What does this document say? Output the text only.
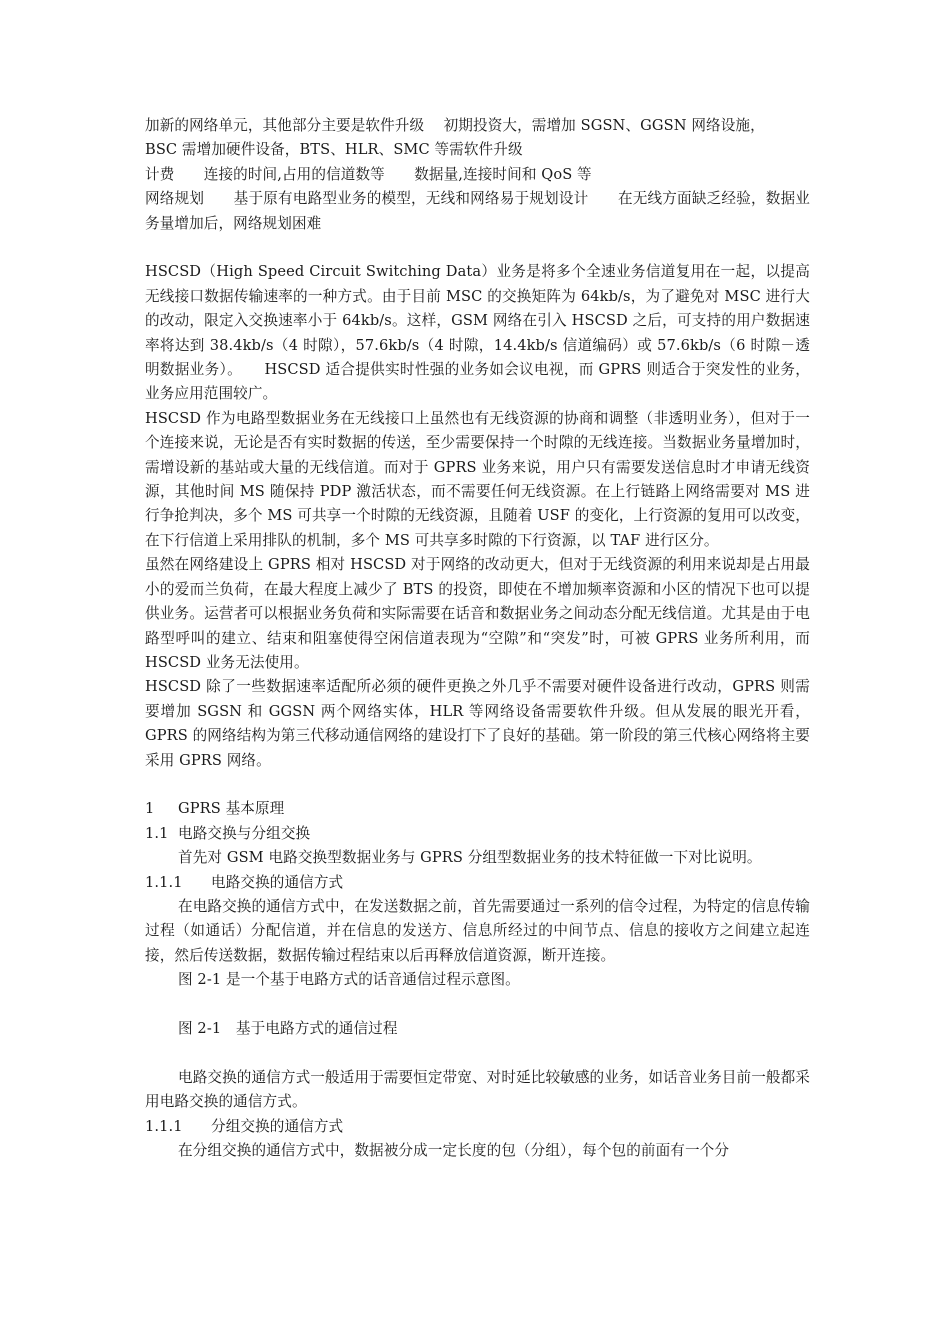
加新的网络单元，其他部分主要是软件升级　 初期投资大，需增加 SGSN、GGSN 网络设施，

BSC 需增加硬件设备，BTS、HLR、SMC 等需软件升级

计费　　连接的时间,占用的信道数等　　数据量,连接时间和 QoS 等

网络规划　　基于原有电路型业务的模型，无线和网络易于规划设计　　在无线方面缺乏经验，数据业务量增加后，网络规划困难

HSCSD（High Speed Circuit Switching Data）业务是将多个全速业务信道复用在一起，以提高无线接口数据传输速率的一种方式。由于目前 MSC 的交换矩阵为 64kb/s，为了避免对 MSC 进行大的改动，限定入交换速率小于 64kb/s。这样，GSM 网络在引入 HSCSD 之后，可支持的用户数据速率将达到 38.4kb/s（4 时隙），57.6kb/s（4 时隙，14.4kb/s 信道编码）或 57.6kb/s（6 时隙－透明数据业务）。　　HSCSD 适合提供实时性强的业务如会议电视，而 GPRS 则适合于突发性的业务，业务应用范围较广。

HSCSD 作为电路型数据业务在无线接口上虽然也有无线资源的协商和调整（非透明业务），但对于一个连接来说，无论是否有实时数据的传送，至少需要保持一个时隙的无线连接。当数据业务量增加时，需增设新的基站或大量的无线信道。而对于 GPRS 业务来说，用户只有需要发送信息时才申请无线资源，其他时间 MS 随保持 PDP 激活状态，而不需要任何无线资源。在上行链路上网络需要对 MS 进行争抢判决，多个 MS 可共享一个时隙的无线资源，且随着 USF 的变化，上行资源的复用可以改变，在下行信道上采用排队的机制，多个 MS 可共享多时隙的下行资源，以 TAF 进行区分。

虽然在网络建设上 GPRS 相对 HSCSD 对于网络的改动更大，但对于无线资源的利用来说却是占用最小的爱而兰负荷，在最大程度上减少了 BTS 的投资，即使在不增加频率资源和小区的情况下也可以提供业务。运营者可以根据业务负荷和实际需要在话音和数据业务之间动态分配无线信道。尤其是由于电路型呼叫的建立、结束和阻塞使得空闲信道表现为“空隙”和“突发”时，可被 GPRS 业务所利用，而 HSCSD 业务无法使用。

HSCSD 除了一些数据速率适配所必须的硬件更换之外几乎不需要对硬件设备进行改动，GPRS 则需要增加 SGSN 和 GGSN 两个网络实体，HLR 等网络设备需要软件升级。但从发展的眼光开看，GPRS 的网络结构为第三代移动通信网络的建设打下了良好的基础。第一阶段的第三代核心网络将主要采用 GPRS 网络。

1	GPRS 基本原理
1.1 电路交换与分组交换

首先对 GSM 电路交换型数据业务与 GPRS 分组型数据业务的技术特征做一下对比说明。

1.1.1	电路交换的通信方式

在电路交换的通信方式中，在发送数据之前，首先需要通过一系列的信令过程，为特定的信息传输过程（如通话）分配信道，并在信息的发送方、信息所经过的中间节点、信息的接收方之间建立起连接，然后传送数据，数据传输过程结束以后再释放信道资源，断开连接。

图 2-1 是一个基于电路方式的话音通信过程示意图。

图 2-1　基于电路方式的通信过程

电路交换的通信方式一般适用于需要恒定带宽、对时延比较敏感的业务，如话音业务目前一般都采用电路交换的通信方式。

1.1.1	分组交换的通信方式

在分组交换的通信方式中，数据被分成一定长度的包（分组），每个包的前面有一个分
